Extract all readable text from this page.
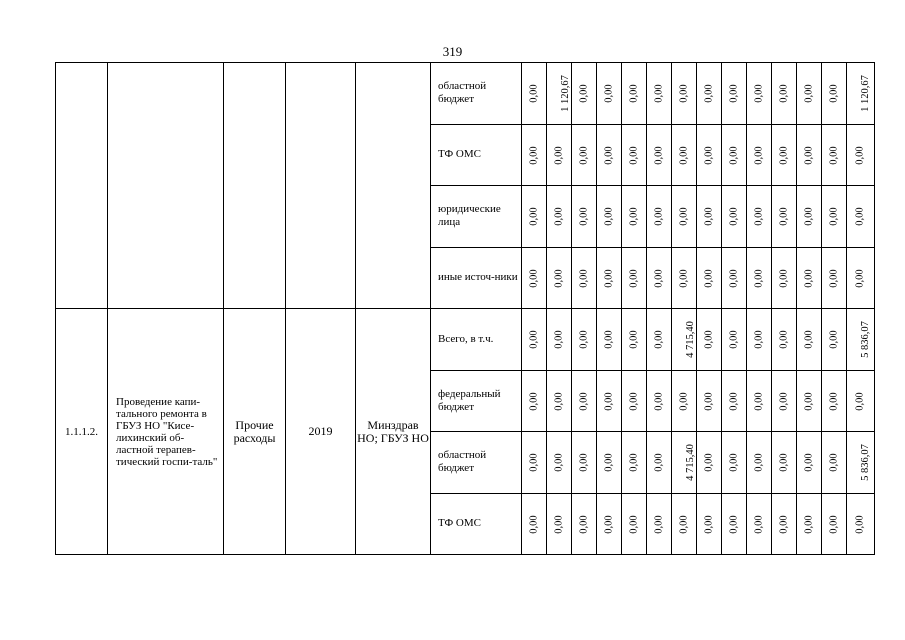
319
					областной бюджет	0,00	1 120,67	0,00	0,00	0,00	0,00	0,00	0,00	0,00	0,00	0,00	0,00	0,00	1 120,67
					ТФ ОМС	0,00	0,00	0,00	0,00	0,00	0,00	0,00	0,00	0,00	0,00	0,00	0,00	0,00	0,00
					юридические лица	0,00	0,00	0,00	0,00	0,00	0,00	0,00	0,00	0,00	0,00	0,00	0,00	0,00	0,00
					иные источ-ники	0,00	0,00	0,00	0,00	0,00	0,00	0,00	0,00	0,00	0,00	0,00	0,00	0,00	0,00
1.1.1.2.	Проведение капи-тального ремонта в ГБУЗ НО "Кисе-лихинский об-ластной терапев-тический госпи-таль"	Прочие расходы	2019	Минздрав НО; ГБУЗ НО	Всего, в т.ч.	0,00	0,00	0,00	0,00	0,00	0,00	4 715,40	0,00	0,00	0,00	0,00	0,00	0,00	5 836,07
					федеральный бюджет	0,00	0,00	0,00	0,00	0,00	0,00	0,00	0,00	0,00	0,00	0,00	0,00	0,00	0,00
					областной бюджет	0,00	0,00	0,00	0,00	0,00	0,00	4 715,40	0,00	0,00	0,00	0,00	0,00	0,00	5 836,07
					ТФ ОМС	0,00	0,00	0,00	0,00	0,00	0,00	0,00	0,00	0,00	0,00	0,00	0,00	0,00	0,00
